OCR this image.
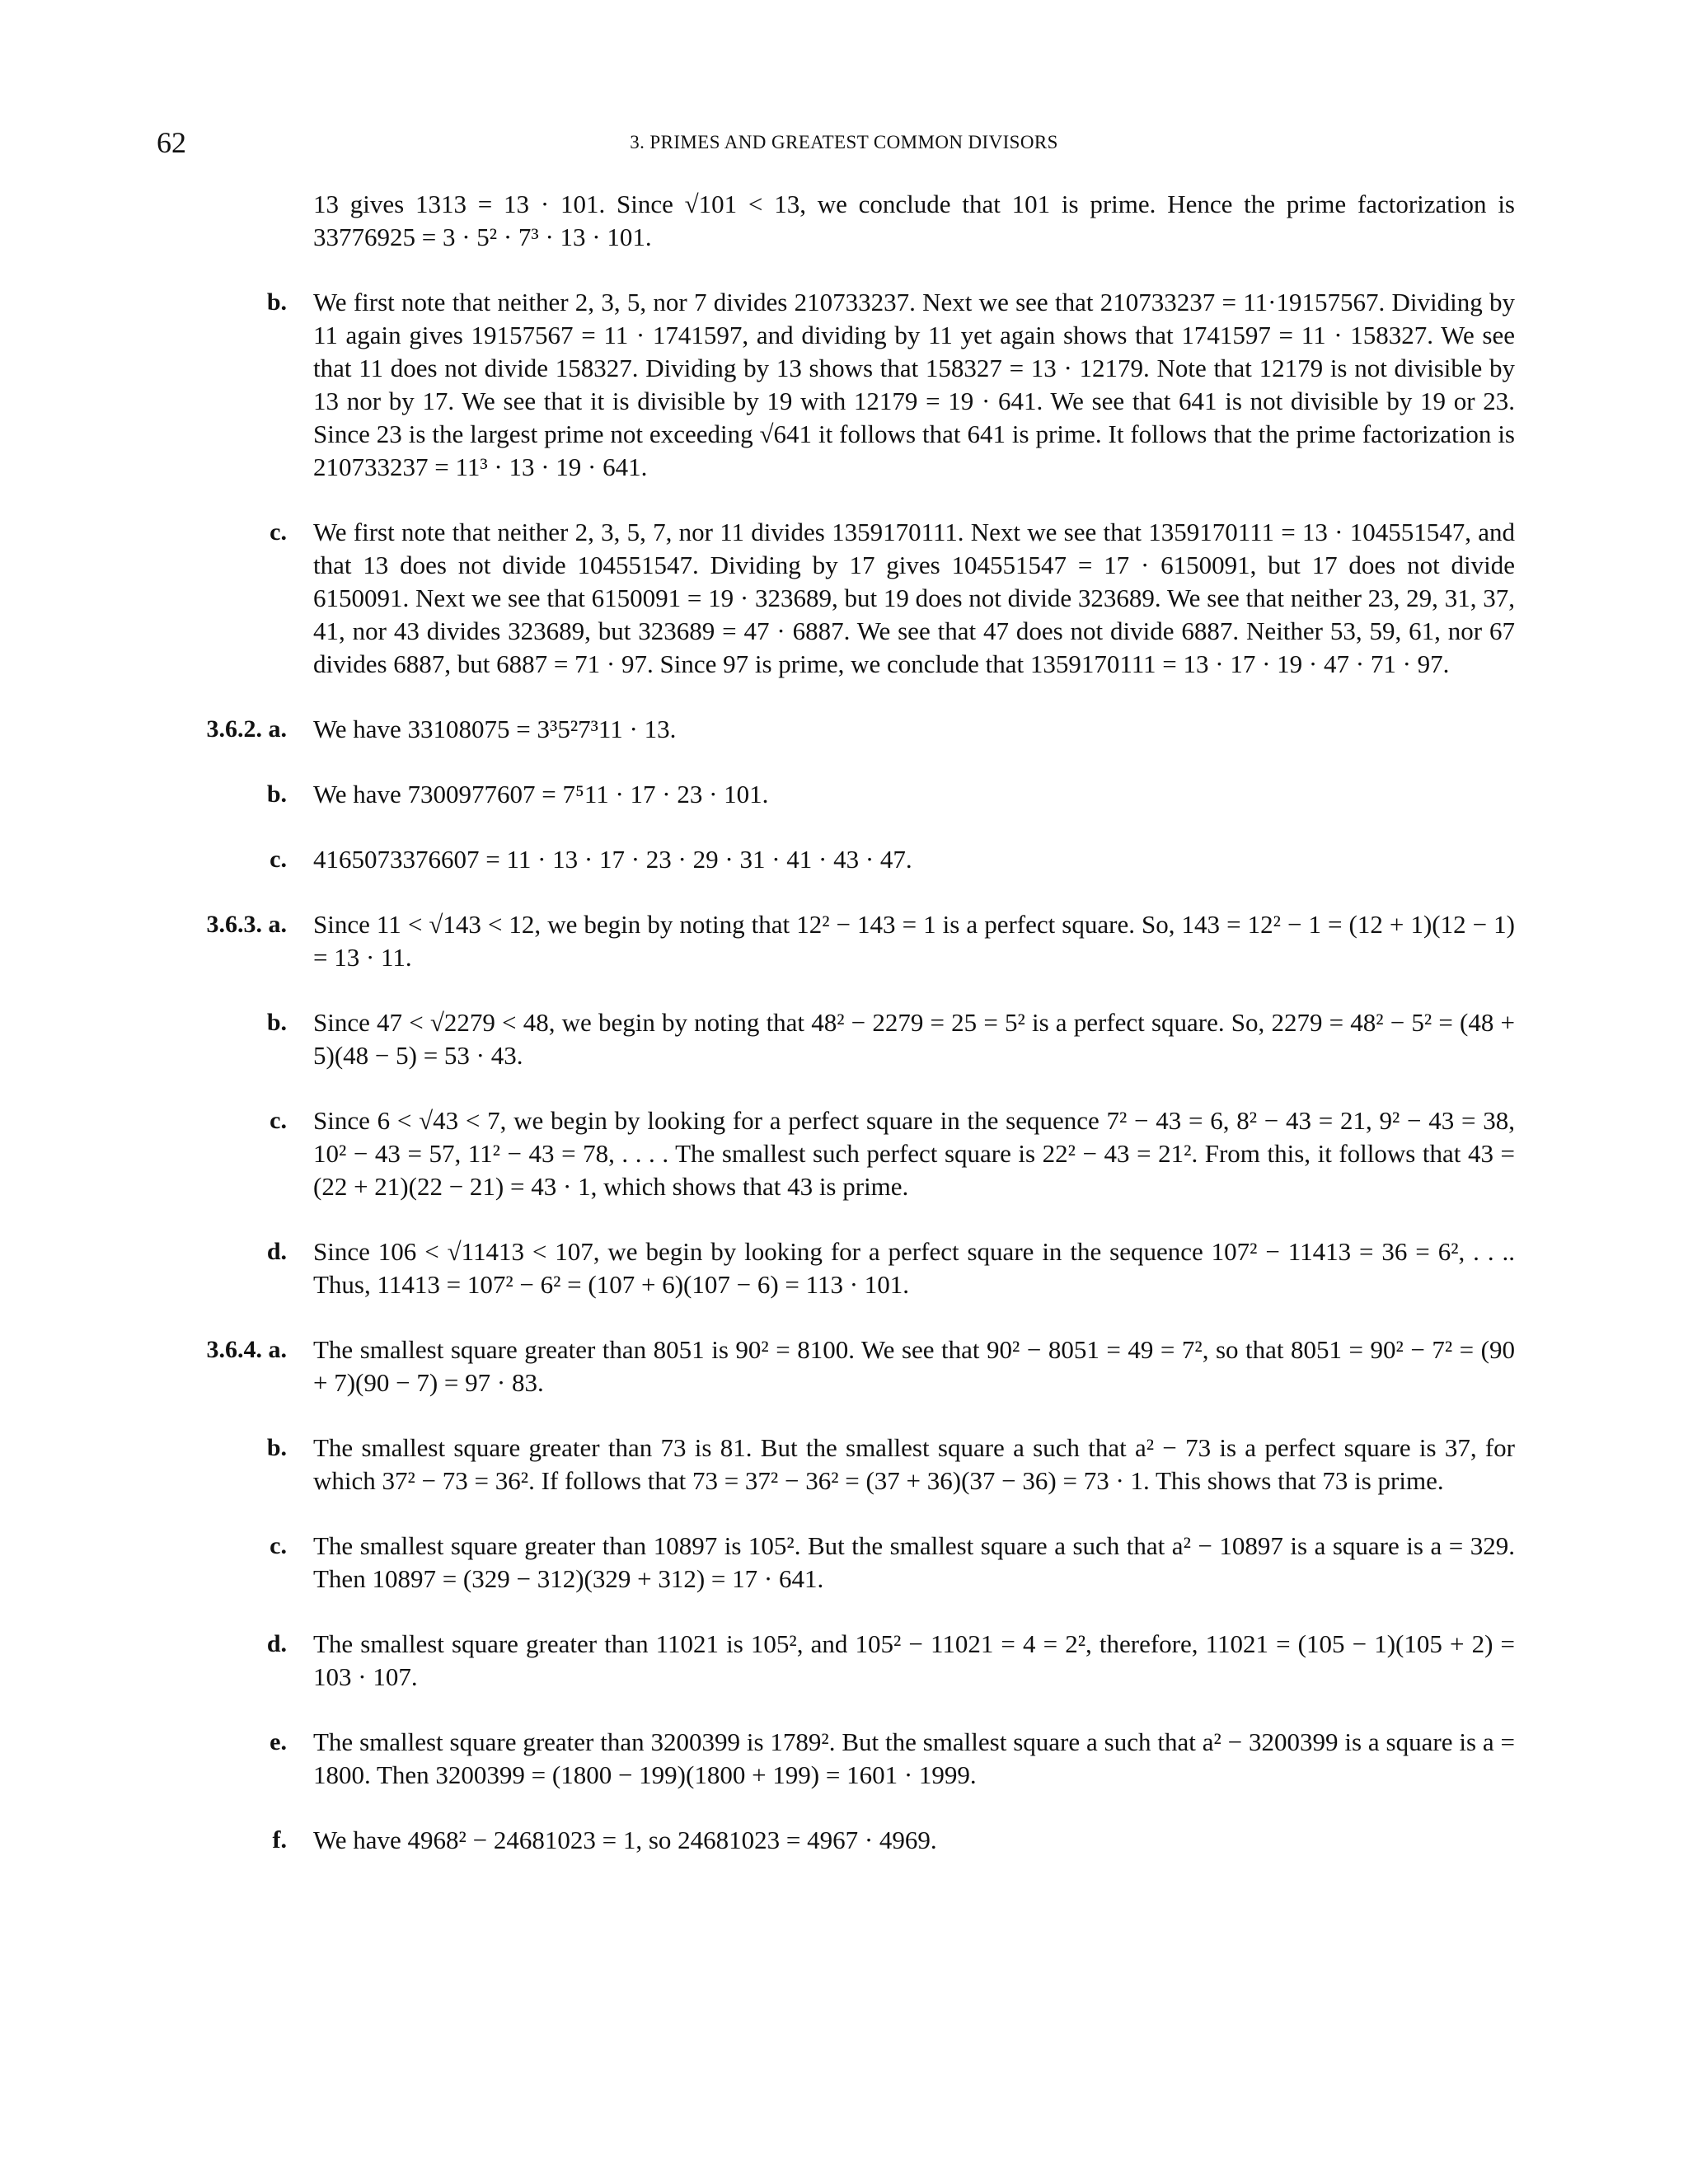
62	3. PRIMES AND GREATEST COMMON DIVISORS
13 gives 1313 = 13 · 101. Since √101 < 13, we conclude that 101 is prime. Hence the prime factorization is 33776925 = 3 · 5² · 7³ · 13 · 101.
b. We first note that neither 2, 3, 5, nor 7 divides 210733237. Next we see that 210733237 = 11·19157567. Dividing by 11 again gives 19157567 = 11 · 1741597, and dividing by 11 yet again shows that 1741597 = 11 · 158327. We see that 11 does not divide 158327. Dividing by 13 shows that 158327 = 13 · 12179. Note that 12179 is not divisible by 13 nor by 17. We see that it is divisible by 19 with 12179 = 19 · 641. We see that 641 is not divisible by 19 or 23. Since 23 is the largest prime not exceeding √641 it follows that 641 is prime. It follows that the prime factorization is 210733237 = 11³ · 13 · 19 · 641.
c. We first note that neither 2, 3, 5, 7, nor 11 divides 1359170111. Next we see that 1359170111 = 13 · 104551547, and that 13 does not divide 104551547. Dividing by 17 gives 104551547 = 17 · 6150091, but 17 does not divide 6150091. Next we see that 6150091 = 19 · 323689, but 19 does not divide 323689. We see that neither 23, 29, 31, 37, 41, nor 43 divides 323689, but 323689 = 47 · 6887. We see that 47 does not divide 6887. Neither 53, 59, 61, nor 67 divides 6887, but 6887 = 71 · 97. Since 97 is prime, we conclude that 1359170111 = 13 · 17 · 19 · 47 · 71 · 97.
3.6.2. a. We have 33108075 = 3³5²7³11 · 13.
b. We have 7300977607 = 7⁵11 · 17 · 23 · 101.
c. 4165073376607 = 11 · 13 · 17 · 23 · 29 · 31 · 41 · 43 · 47.
3.6.3. a. Since 11 < √143 < 12, we begin by noting that 12² − 143 = 1 is a perfect square. So, 143 = 12² − 1 = (12 + 1)(12 − 1) = 13 · 11.
b. Since 47 < √2279 < 48, we begin by noting that 48² − 2279 = 25 = 5² is a perfect square. So, 2279 = 48² − 5² = (48 + 5)(48 − 5) = 53 · 43.
c. Since 6 < √43 < 7, we begin by looking for a perfect square in the sequence 7² − 43 = 6, 8² − 43 = 21, 9² − 43 = 38, 10² − 43 = 57, 11² − 43 = 78, . . . . The smallest such perfect square is 22² − 43 = 21². From this, it follows that 43 = (22 + 21)(22 − 21) = 43 · 1, which shows that 43 is prime.
d. Since 106 < √11413 < 107, we begin by looking for a perfect square in the sequence 107² − 11413 = 36 = 6², . . .. Thus, 11413 = 107² − 6² = (107 + 6)(107 − 6) = 113 · 101.
3.6.4. a. The smallest square greater than 8051 is 90² = 8100. We see that 90² − 8051 = 49 = 7², so that 8051 = 90² − 7² = (90 + 7)(90 − 7) = 97 · 83.
b. The smallest square greater than 73 is 81. But the smallest square a such that a² − 73 is a perfect square is 37, for which 37² − 73 = 36². If follows that 73 = 37² − 36² = (37 + 36)(37 − 36) = 73 · 1. This shows that 73 is prime.
c. The smallest square greater than 10897 is 105². But the smallest square a such that a² − 10897 is a square is a = 329. Then 10897 = (329 − 312)(329 + 312) = 17 · 641.
d. The smallest square greater than 11021 is 105², and 105² − 11021 = 4 = 2², therefore, 11021 = (105 − 1)(105 + 2) = 103 · 107.
e. The smallest square greater than 3200399 is 1789². But the smallest square a such that a² − 3200399 is a square is a = 1800. Then 3200399 = (1800 − 199)(1800 + 199) = 1601 · 1999.
f. We have 4968² − 24681023 = 1, so 24681023 = 4967 · 4969.
